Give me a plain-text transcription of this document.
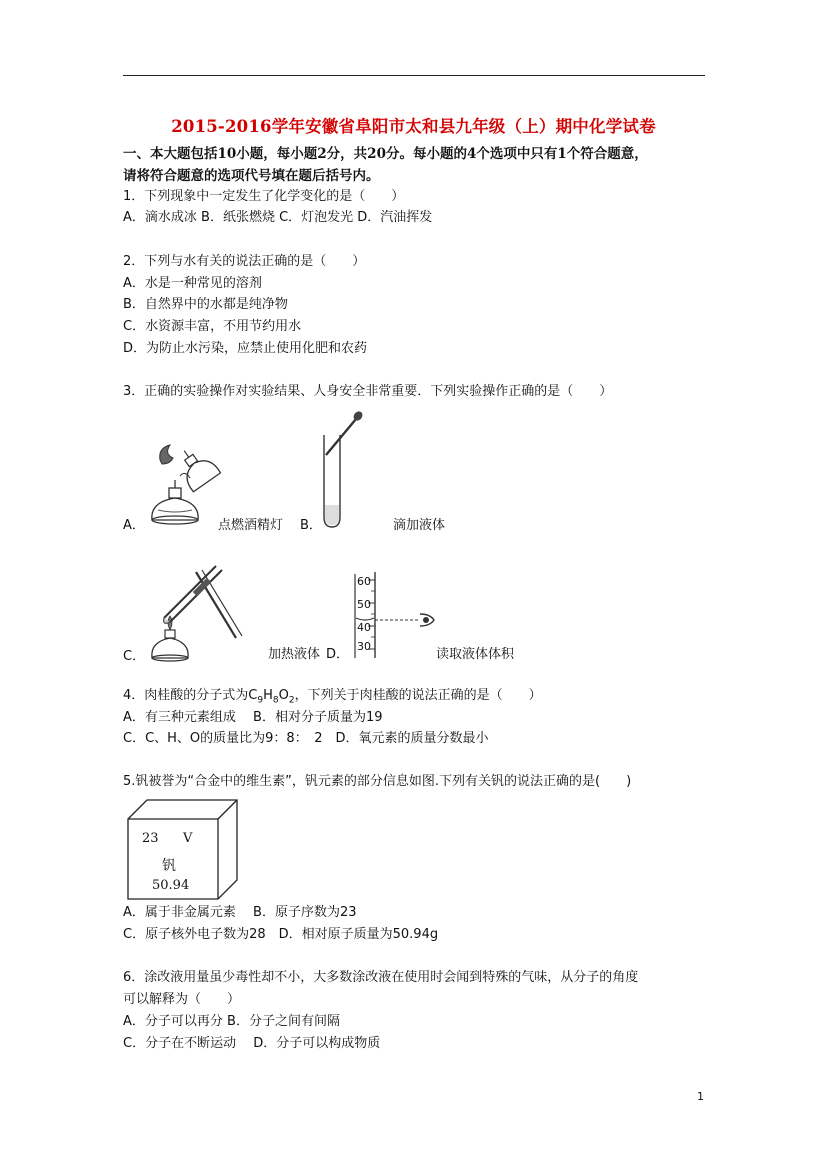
2015-2016学年安徽省阜阳市太和县九年级（上）期中化学试卷
一、本大题包括10小题，每小题2分，共20分。每小题的4个选项中只有1个符合题意，
请将符合题意的选项代号填在题后括号内。
1．下列现象中一定发生了化学变化的是（　　）
A．滴水成冰 B．纸张燃烧 C．灯泡发光 D．汽油挥发
2．下列与水有关的说法正确的是（　　）
A．水是一种常见的溶剂
B．自然界中的水都是纯净物
C．水资源丰富，不用节约用水
D．为防止水污染，应禁止使用化肥和农药
3．正确的实验操作对实验结果、人身安全非常重要．下列实验操作正确的是（　　）
A．	点燃酒精灯 B．	滴加液体
C．	加热液体 D．
60
50
40
30
读取液体体积
4．肉桂酸的分子式为$C_9H_8O_2$，下列关于肉桂酸的说法正确的是（　　）
A．有三种元素组成　 B．相对分子质量为19
C．C、H、O的质量比为9：8：　2　D．氧元素的质量分数最小
5.钒被誉为“合金中的维生素”，钒元素的部分信息如图.下列有关钒的说法正确的是(　　)
23 V
钒
50.94
A．属于非金属元素　 B．原子序数为23
C．原子核外电子数为28　D．相对原子质量为50.94g
6．涂改液用量虽少毒性却不小，大多数涂改液在使用时会闻到特殊的气味，从分子的角度
可以解释为（　　）
A．分子可以再分 B．分子之间有间隔
C．分子在不断运动　 D．分子可以构成物质
1
